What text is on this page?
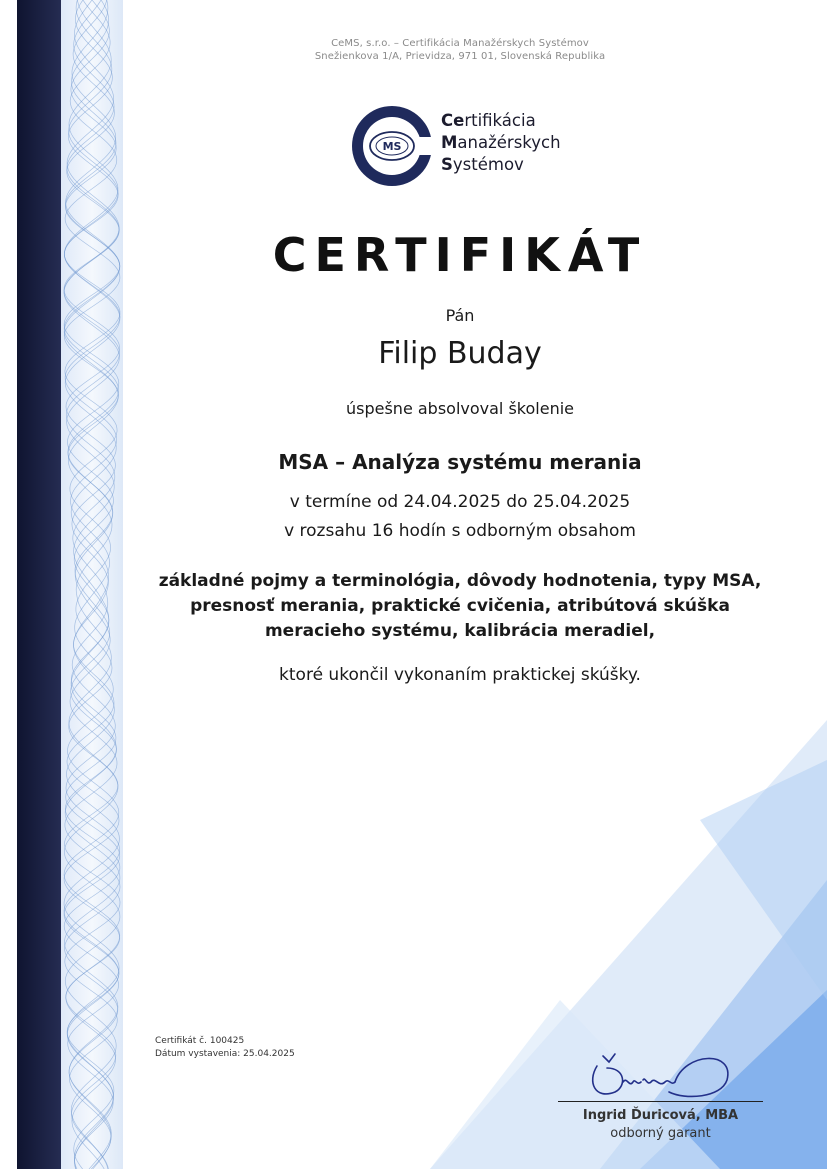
CeMS, s.r.o. – Certifikácia Manažérskych Systémov
Snežienkova 1/A, Prievidza, 971 01, Slovenská Republika
MS
Certifikácia
Manažérskych
Systémov
CERTIFIKÁT
Pán
Filip Buday
úspešne absolvoval školenie
MSA – Analýza systému merania
v termíne od 24.04.2025 do 25.04.2025
v rozsahu 16 hodín s odborným obsahom
základné pojmy a terminológia, dôvody hodnotenia, typy MSA, presnosť merania, praktické cvičenia, atribútová skúška meracieho systému, kalibrácia meradiel,
ktoré ukončil vykonaním praktickej skúšky.
Certifikát č. 100425
Dátum vystavenia: 25.04.2025
Ingrid Ďuricová, MBA
odborný garant
